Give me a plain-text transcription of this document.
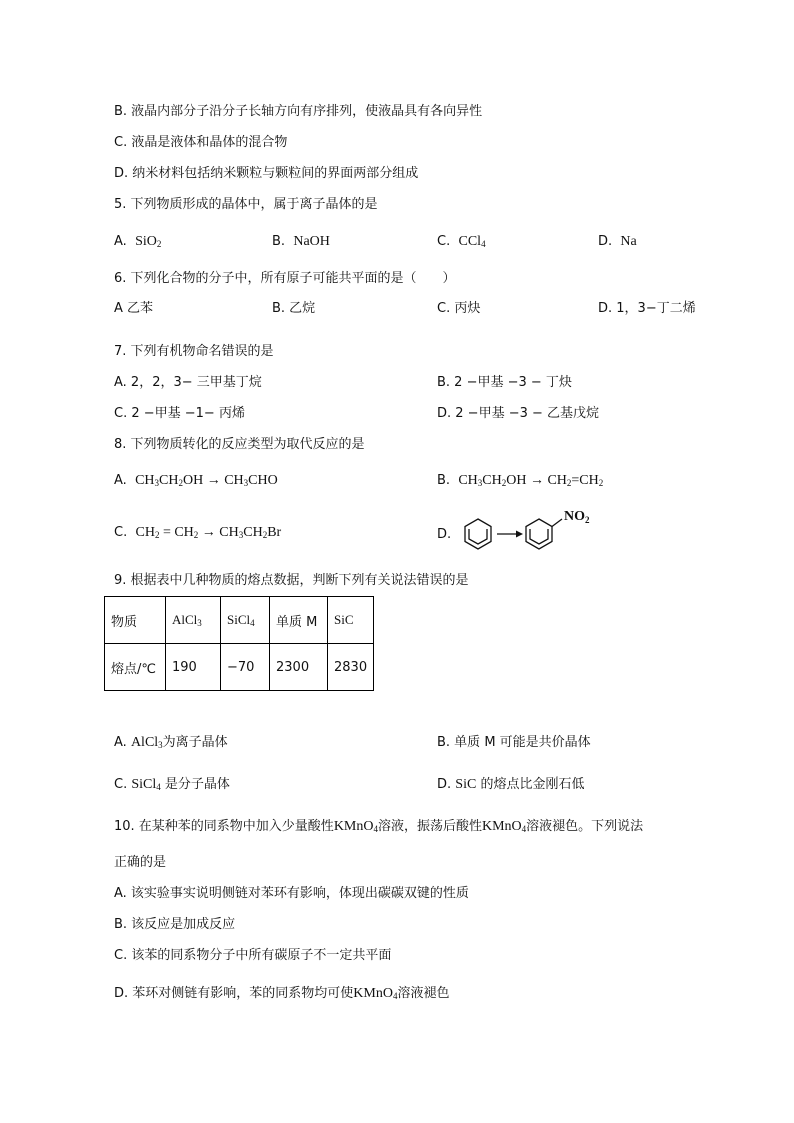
B. 液晶内部分子沿分子长轴方向有序排列，使液晶具有各向异性
C. 液晶是液体和晶体的混合物
D. 纳米材料包括纳米颗粒与颗粒间的界面两部分组成
5. 下列物质形成的晶体中，属于离子晶体的是
A. SiO$_2$	B. NaOH	C. CCl$_4$	D. Na
6. 下列化合物的分子中，所有原子可能共平面的是（　　）
A 乙苯	B. 乙烷	C. 丙炔	D. 1，3−丁二烯
7. 下列有机物命名错误的是
A. 2，2，3− 三甲基丁烷	B. 2 −甲基 −3 − 丁炔
C. 2 −甲基 −1− 丙烯	D. 2 −甲基 −3 − 乙基戊烷
8. 下列物质转化的反应类型为取代反应的是
A. $CH_3CH_2OH \to CH_3CHO$	B. $CH_3CH_2OH \to CH_2=CH_2$
C. $CH_2 = CH_2 \to CH_3CH_2Br$	D.
$NO_2$
9. 根据表中几种物质的熔点数据，判断下列有关说法错误的是
物质	AlCl$_3$	SiCl$_4$	单质 M	SiC
熔点/℃	190	−70	2300	2830
A. AlCl$_3$为离子晶体	B. 单质 M 可能是共价晶体
C. SiCl$_4$ 是分子晶体	D. SiC 的熔点比金刚石低
10. 在某种苯的同系物中加入少量酸性KMnO$_4$溶液，振荡后酸性KMnO$_4$溶液褪色。下列说法
正确的是
A. 该实验事实说明侧链对苯环有影响，体现出碳碳双键的性质
B. 该反应是加成反应
C. 该苯的同系物分子中所有碳原子不一定共平面
D. 苯环对侧链有影响，苯的同系物均可使KMnO$_4$溶液褪色
